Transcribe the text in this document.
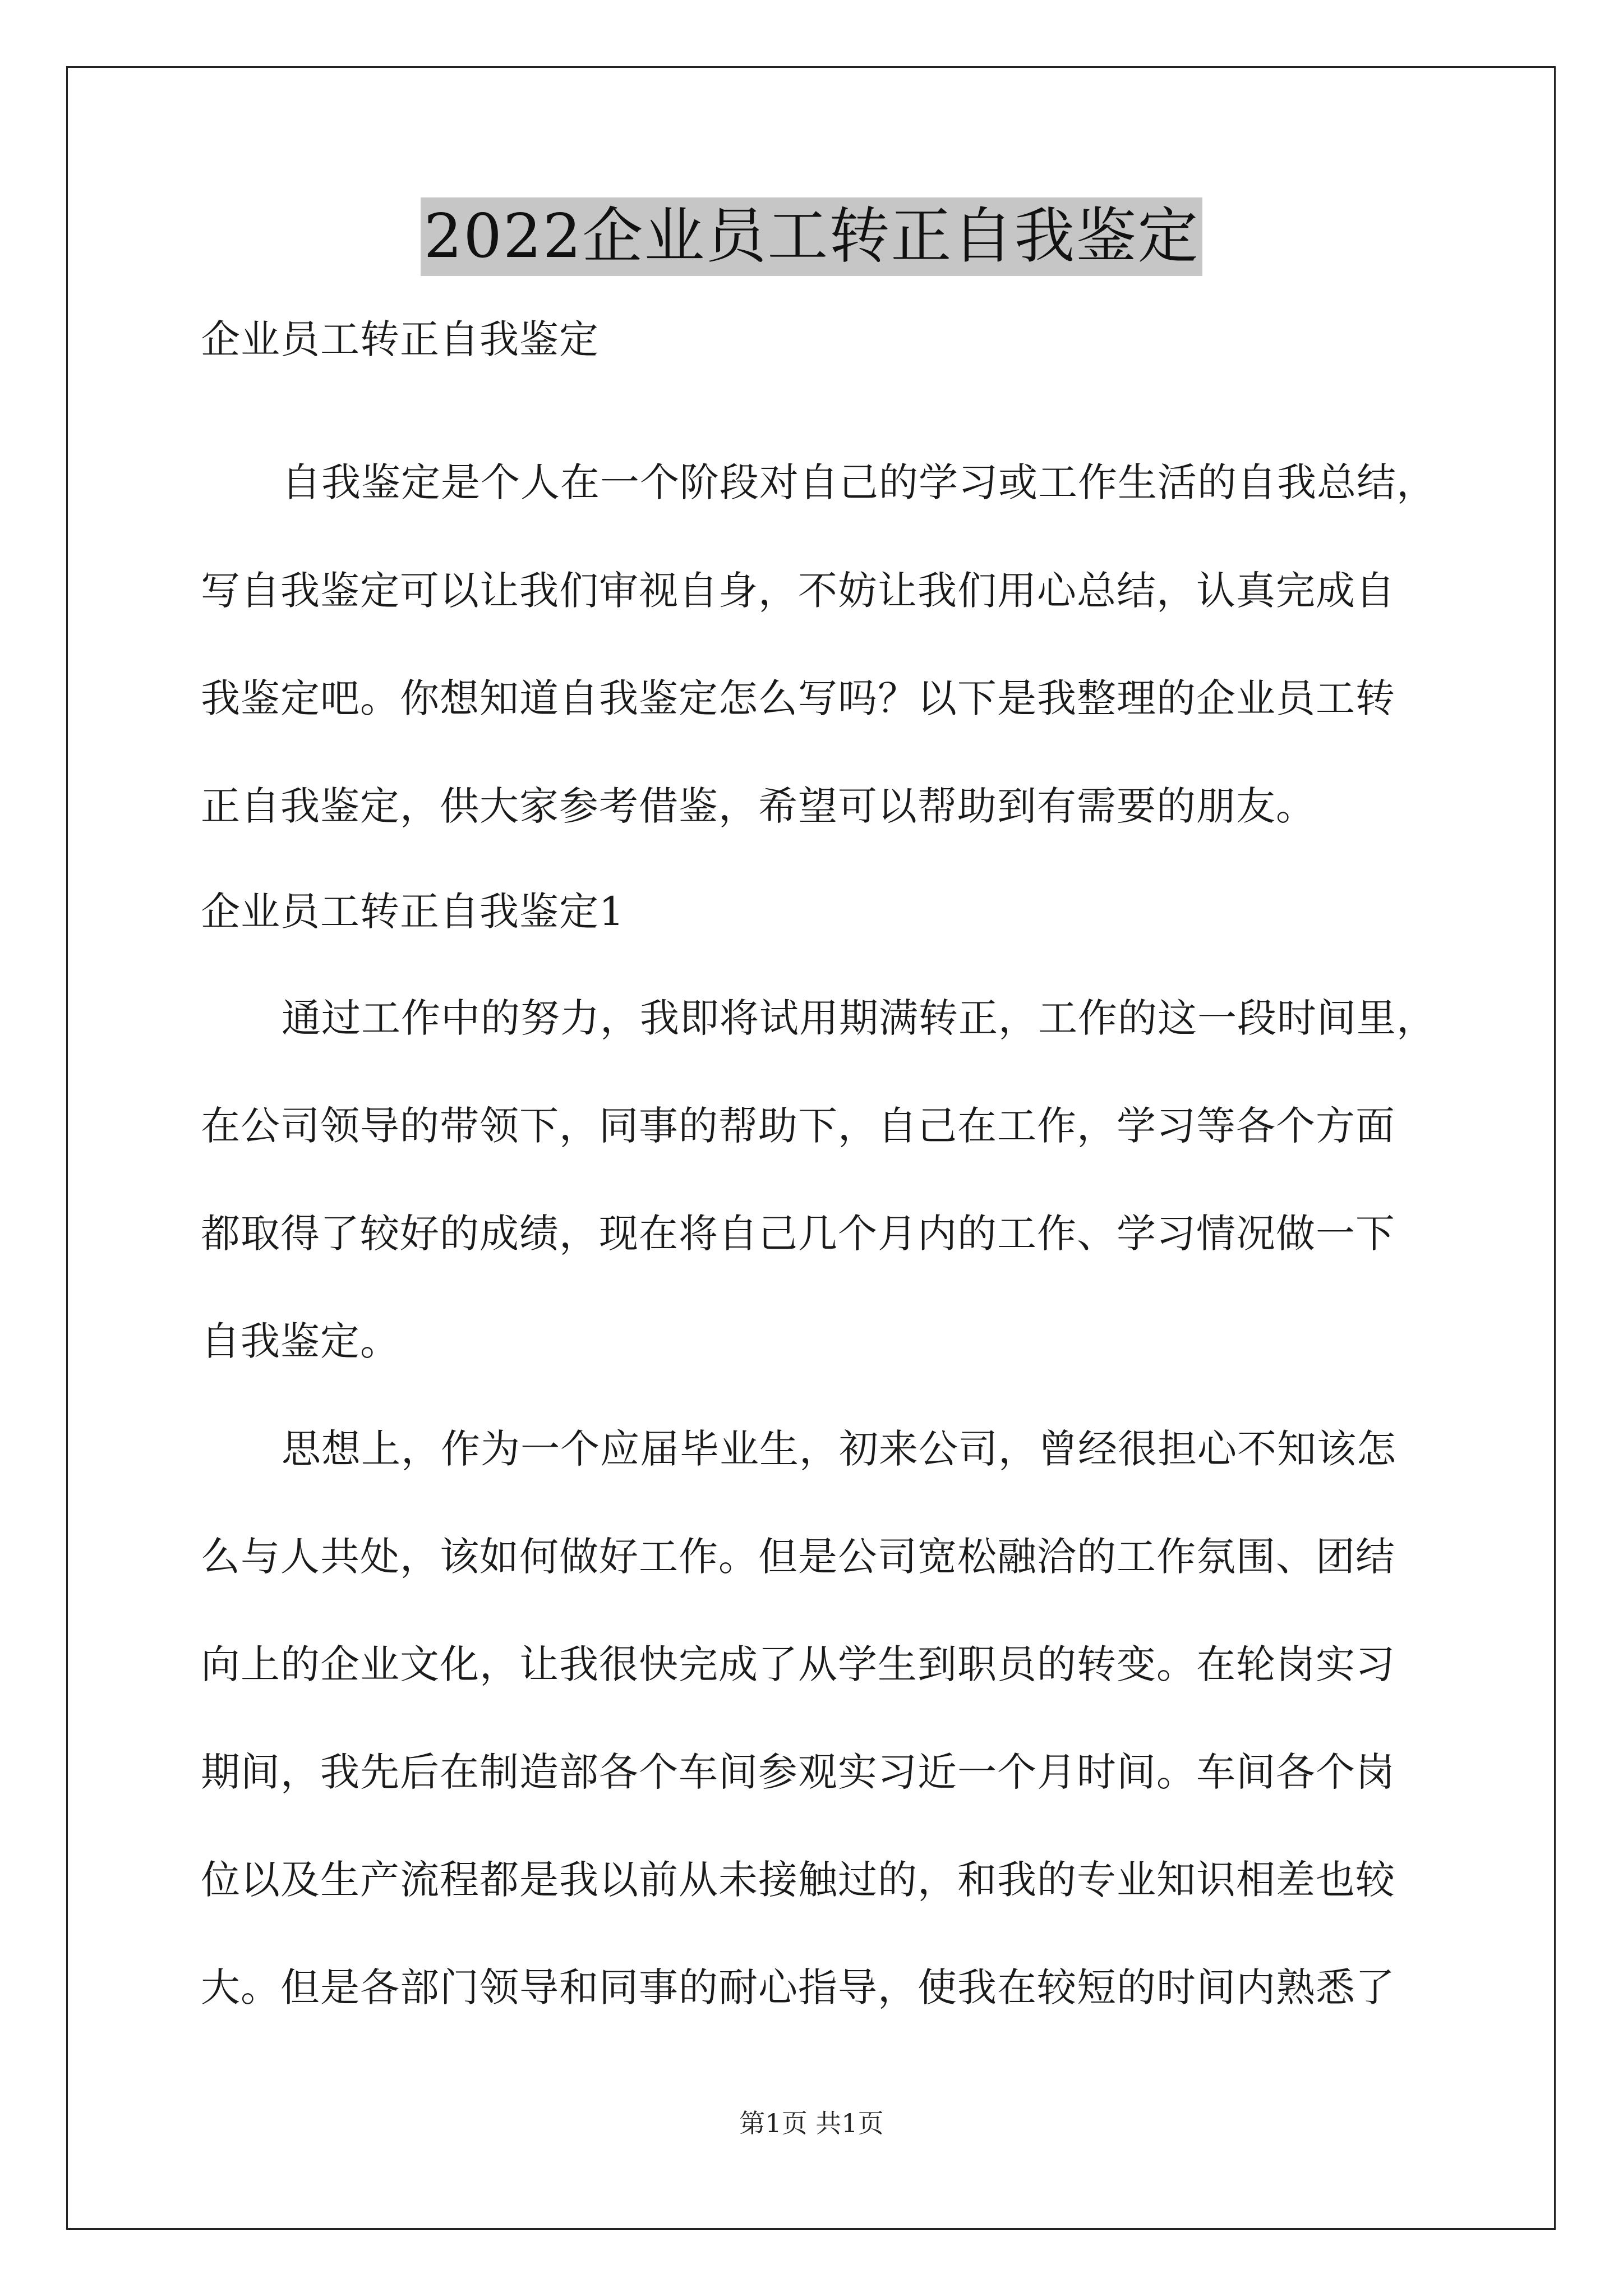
2022企业员工转正自我鉴定

企业员工转正自我鉴定

自我鉴定是个人在一个阶段对自己的学习或工作生活的自我总结，

写自我鉴定可以让我们审视自身，不妨让我们用心总结，认真完成自

我鉴定吧。你想知道自我鉴定怎么写吗？以下是我整理的企业员工转

正自我鉴定，供大家参考借鉴，希望可以帮助到有需要的朋友。

企业员工转正自我鉴定1

通过工作中的努力，我即将试用期满转正，工作的这一段时间里，

在公司领导的带领下，同事的帮助下，自己在工作，学习等各个方面

都取得了较好的成绩，现在将自己几个月内的工作、学习情况做一下

自我鉴定。

思想上，作为一个应届毕业生，初来公司，曾经很担心不知该怎

么与人共处，该如何做好工作。但是公司宽松融洽的工作氛围、团结

向上的企业文化，让我很快完成了从学生到职员的转变。在轮岗实习

期间，我先后在制造部各个车间参观实习近一个月时间。车间各个岗

位以及生产流程都是我以前从未接触过的，和我的专业知识相差也较

大。但是各部门领导和同事的耐心指导，使我在较短的时间内熟悉了

第1页 共1页
